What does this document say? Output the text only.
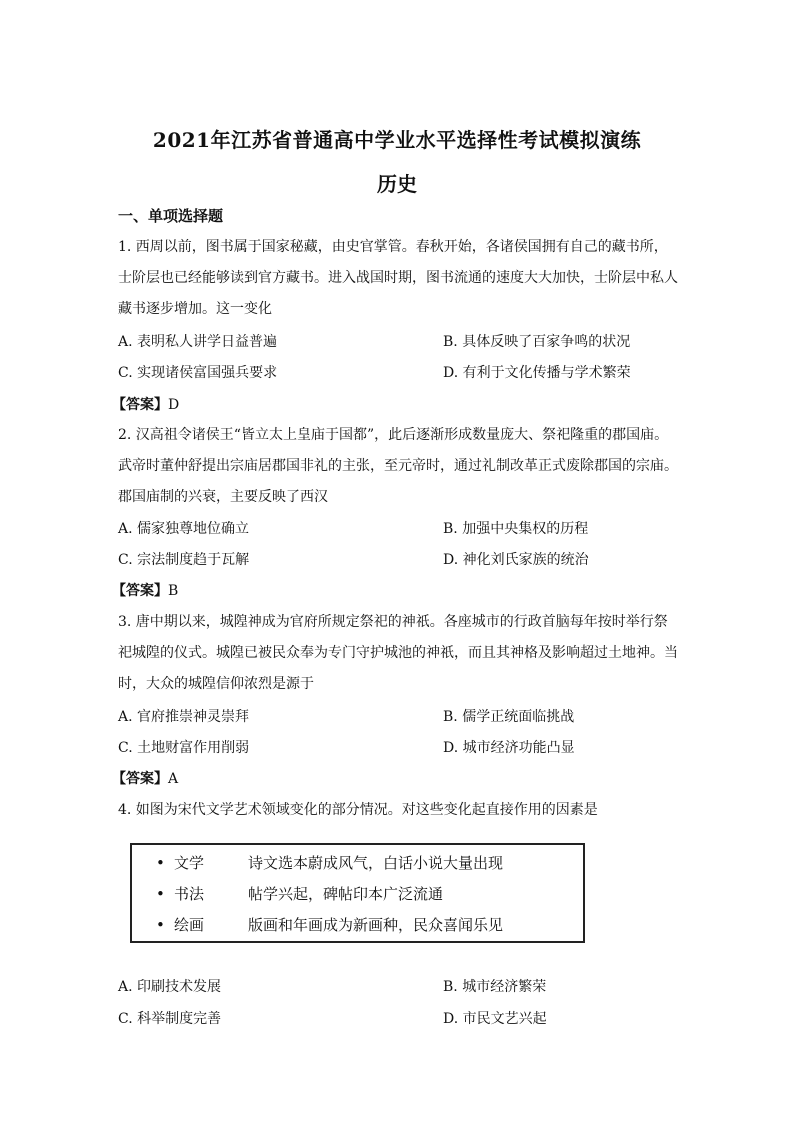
2021年江苏省普通高中学业水平选择性考试模拟演练
历史
一、单项选择题
1. 西周以前，图书属于国家秘藏，由史官掌管。春秋开始，各诸侯国拥有自己的藏书所，
士阶层也已经能够读到官方藏书。进入战国时期，图书流通的速度大大加快，士阶层中私人
藏书逐步增加。这一变化
A. 表明私人讲学日益普遍	B. 具体反映了百家争鸣的状况
C. 实现诸侯富国强兵要求	D. 有利于文化传播与学术繁荣
【答案】D
2. 汉高祖令诸侯王“皆立太上皇庙于国都”，此后逐渐形成数量庞大、祭祀隆重的郡国庙。
武帝时董仲舒提出宗庙居郡国非礼的主张，至元帝时，通过礼制改革正式废除郡国的宗庙。
郡国庙制的兴衰，主要反映了西汉
A. 儒家独尊地位确立	B. 加强中央集权的历程
C. 宗法制度趋于瓦解	D. 神化刘氏家族的统治
【答案】B
3. 唐中期以来，城隍神成为官府所规定祭祀的神祇。各座城市的行政首脑每年按时举行祭
祀城隍的仪式。城隍已被民众奉为专门守护城池的神祇，而且其神格及影响超过土地神。当
时，大众的城隍信仰浓烈是源于
A. 官府推崇神灵崇拜	B. 儒学正统面临挑战
C. 土地财富作用削弱	D. 城市经济功能凸显
【答案】A
4. 如图为宋代文学艺术领域变化的部分情况。对这些变化起直接作用的因素是
• 文学	诗文选本蔚成风气，白话小说大量出现
• 书法	帖学兴起，碑帖印本广泛流通
• 绘画	版画和年画成为新画种，民众喜闻乐见
A. 印刷技术发展	B. 城市经济繁荣
C. 科举制度完善	D. 市民文艺兴起
